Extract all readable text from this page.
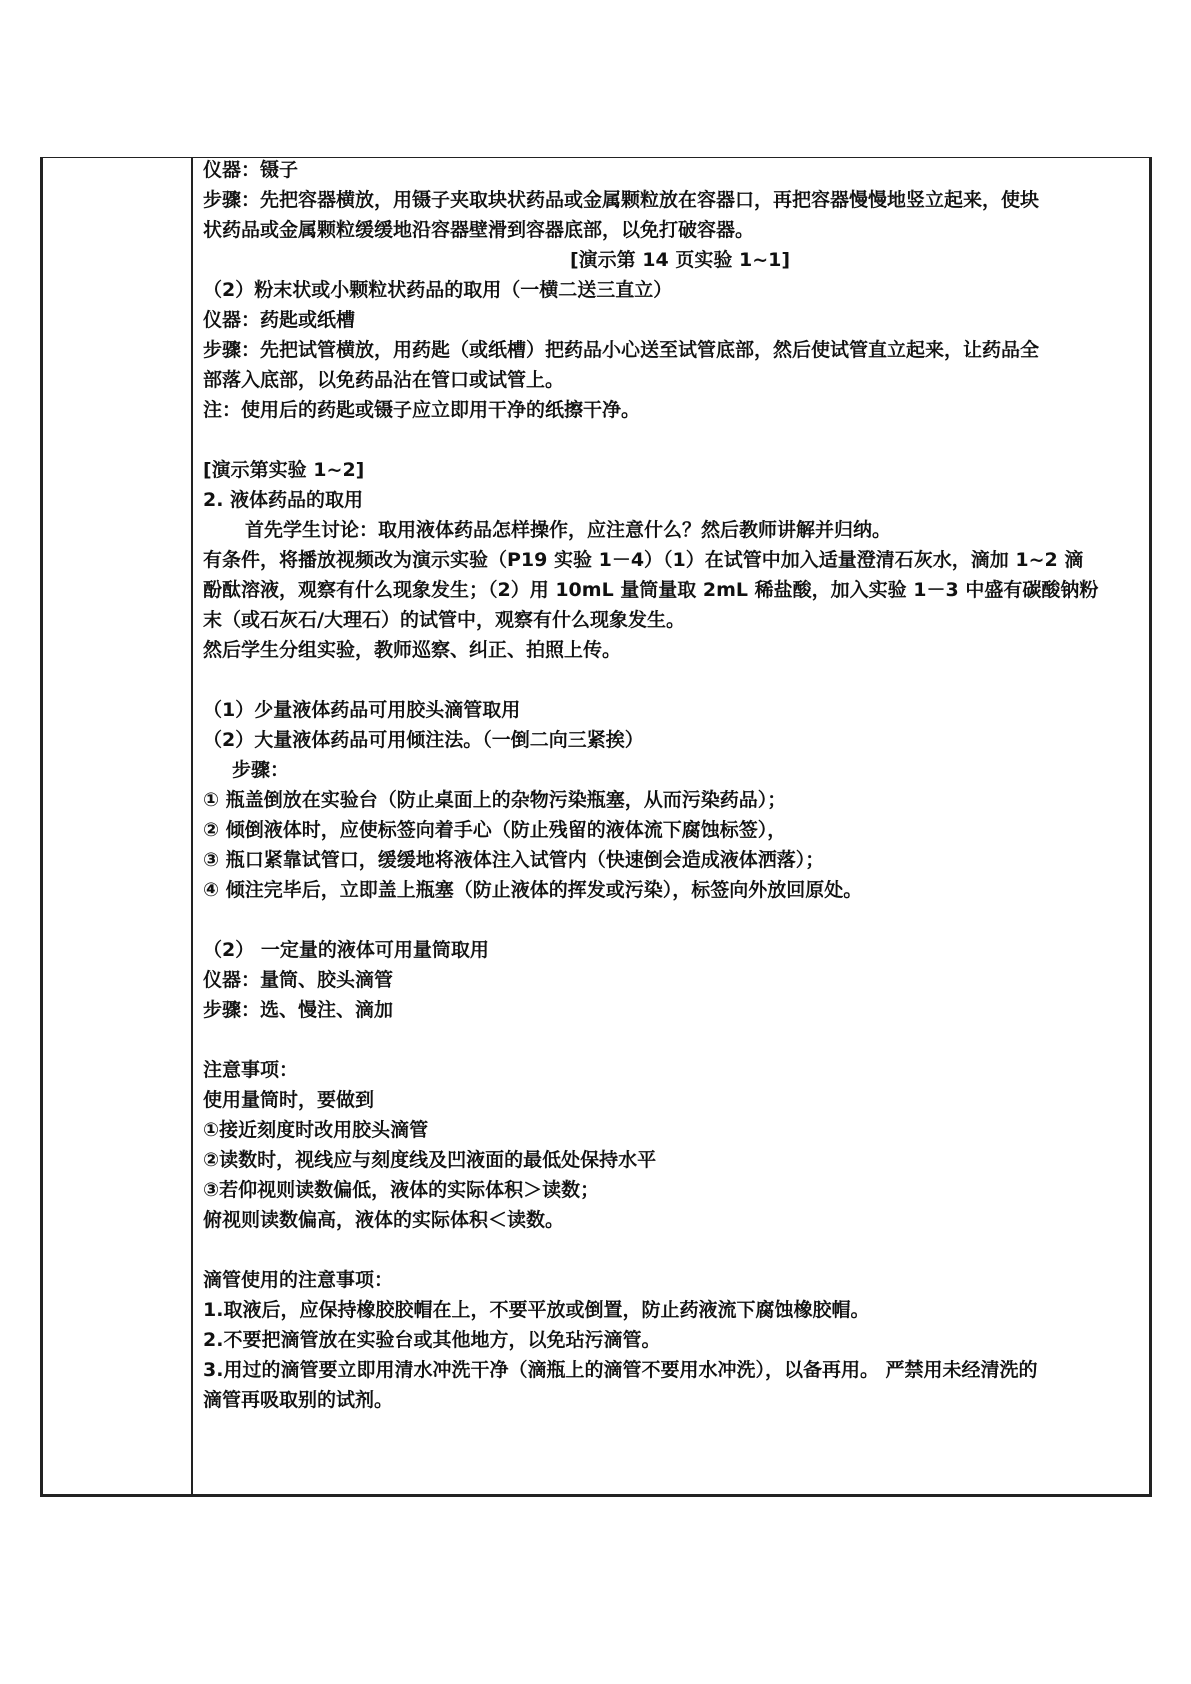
仪器：镊子
步骤：先把容器横放，用镊子夹取块状药品或金属颗粒放在容器口，再把容器慢慢地竖立起来，使块
状药品或金属颗粒缓缓地沿容器壁滑到容器底部，以免打破容器。
[演示第 14 页实验 1~1]
（2）粉末状或小颗粒状药品的取用（一横二送三直立）
仪器：药匙或纸槽
步骤：先把试管横放，用药匙（或纸槽）把药品小心送至试管底部，然后使试管直立起来，让药品全
部落入底部，以免药品沾在管口或试管上。
注：使用后的药匙或镊子应立即用干净的纸擦干净。
[演示第实验 1~2]
2. 液体药品的取用
首先学生讨论：取用液体药品怎样操作，应注意什么？然后教师讲解并归纳。
有条件，将播放视频改为演示实验（P19 实验 1－4）（1）在试管中加入适量澄清石灰水，滴加 1~2 滴
酚酞溶液，观察有什么现象发生；（2）用 10mL 量筒量取 2mL 稀盐酸，加入实验 1－3 中盛有碳酸钠粉
末（或石灰石/大理石）的试管中，观察有什么现象发生。
然后学生分组实验，教师巡察、纠正、拍照上传。
（1）少量液体药品可用胶头滴管取用
（2）大量液体药品可用倾注法。（一倒二向三紧挨）
步骤：
① 瓶盖倒放在实验台（防止桌面上的杂物污染瓶塞，从而污染药品）；
② 倾倒液体时，应使标签向着手心（防止残留的液体流下腐蚀标签），
③ 瓶口紧靠试管口，缓缓地将液体注入试管内（快速倒会造成液体洒落）；
④ 倾注完毕后，立即盖上瓶塞（防止液体的挥发或污染），标签向外放回原处。
（2） 一定量的液体可用量筒取用
仪器：量筒、胶头滴管
步骤：选、慢注、滴加
注意事项：
使用量筒时，要做到
①接近刻度时改用胶头滴管
②读数时，视线应与刻度线及凹液面的最低处保持水平
③若仰视则读数偏低，液体的实际体积＞读数；
俯视则读数偏高，液体的实际体积＜读数。
滴管使用的注意事项：
1.取液后，应保持橡胶胶帽在上，不要平放或倒置，防止药液流下腐蚀橡胶帽。
2.不要把滴管放在实验台或其他地方，以免玷污滴管。
3.用过的滴管要立即用清水冲洗干净（滴瓶上的滴管不要用水冲洗），以备再用。 严禁用未经清洗的
滴管再吸取别的试剂。
